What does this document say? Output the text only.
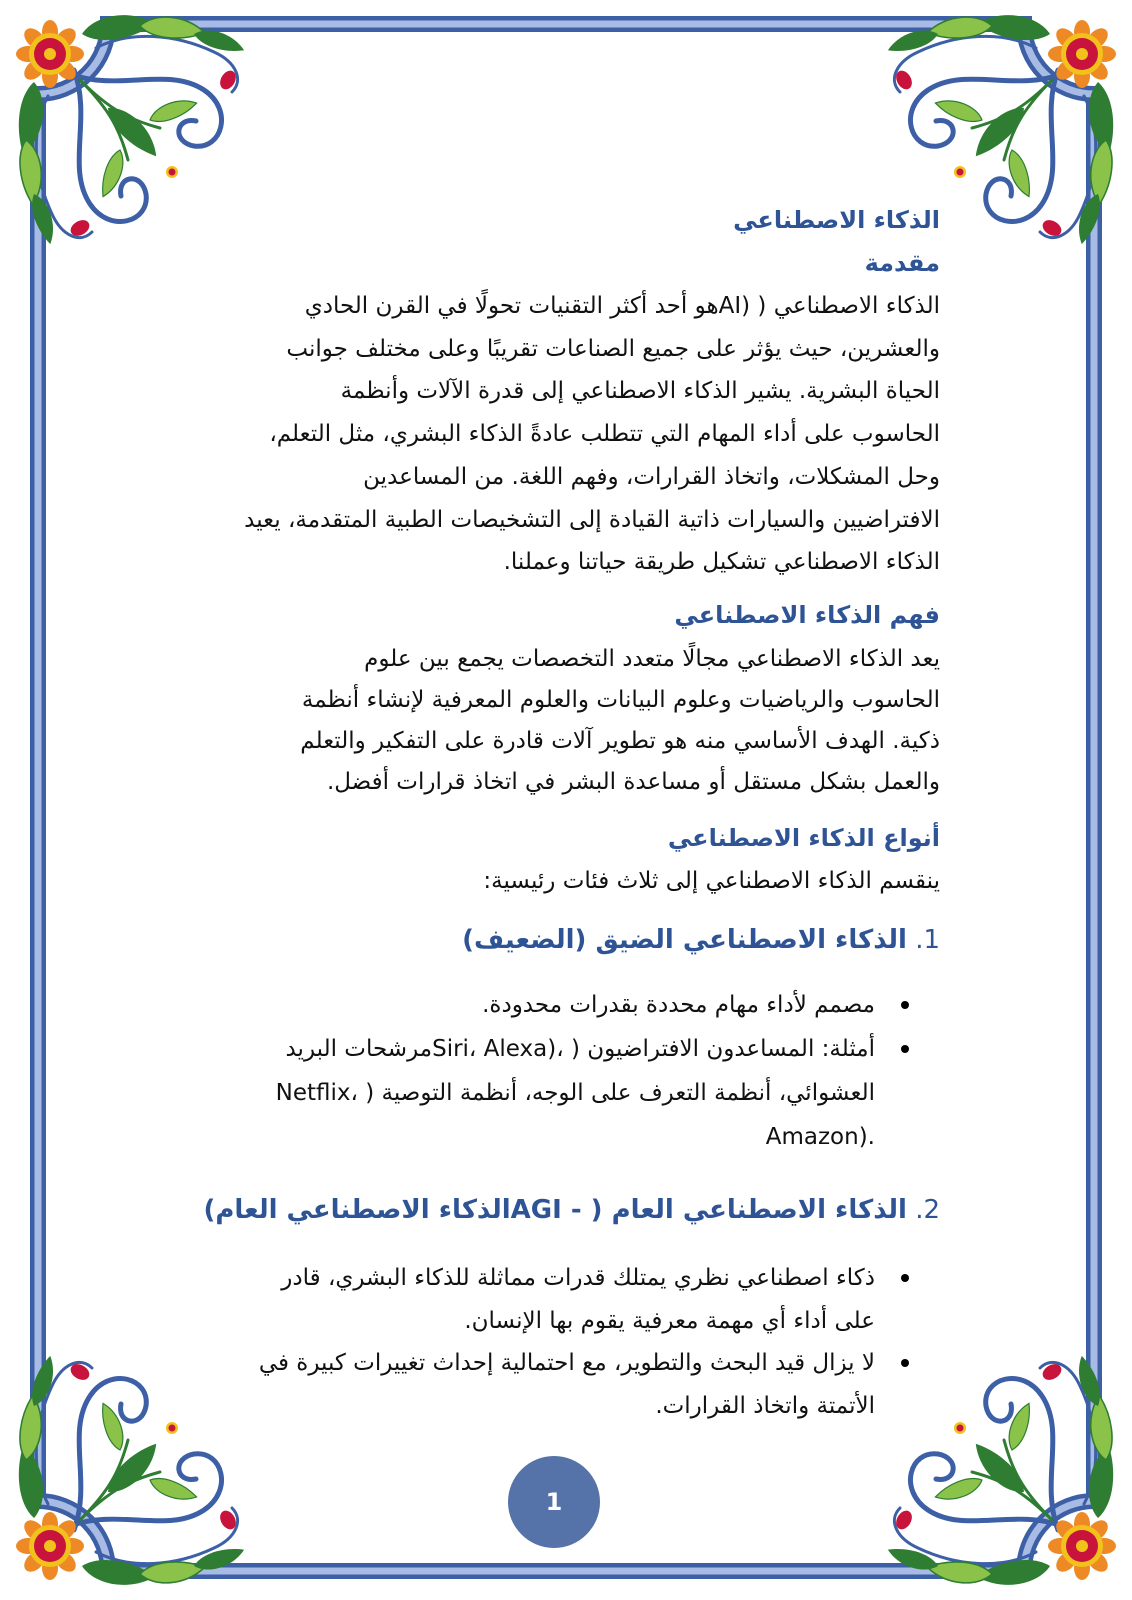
الذكاء الاصطناعي
مقدمة
الذكاء الاصطناعي ( (AIهو أحد أكثر التقنيات تحولًا في القرن الحادي
والعشرين، حيث يؤثر على جميع الصناعات تقريبًا وعلى مختلف جوانب
الحياة البشرية. يشير الذكاء الاصطناعي إلى قدرة الآلات وأنظمة
الحاسوب على أداء المهام التي تتطلب عادةً الذكاء البشري، مثل التعلم،
وحل المشكلات، واتخاذ القرارات، وفهم اللغة. من المساعدين
الافتراضيين والسيارات ذاتية القيادة إلى التشخيصات الطبية المتقدمة، يعيد
الذكاء الاصطناعي تشكيل طريقة حياتنا وعملنا.
فهم الذكاء الاصطناعي
يعد الذكاء الاصطناعي مجالًا متعدد التخصصات يجمع بين علوم
الحاسوب والرياضيات وعلوم البيانات والعلوم المعرفية لإنشاء أنظمة
ذكية. الهدف الأساسي منه هو تطوير آلات قادرة على التفكير والتعلم
والعمل بشكل مستقل أو مساعدة البشر في اتخاذ قرارات أفضل.
أنواع الذكاء الاصطناعي
ينقسم الذكاء الاصطناعي إلى ثلاث فئات رئيسية:
1. الذكاء الاصطناعي الضيق (الضعيف)
مصمم لأداء مهام محددة بقدرات محدودة.
أمثلة: المساعدون الافتراضيون ( ،(Siri، Alexaمرشحات البريد
العشوائي، أنظمة التعرف على الوجه، أنظمة التوصية ( ،Netflix
Amazon).
2. الذكاء الاصطناعي العام ( - AGIالذكاء الاصطناعي العام)
ذكاء اصطناعي نظري يمتلك قدرات مماثلة للذكاء البشري، قادر
على أداء أي مهمة معرفية يقوم بها الإنسان.
لا يزال قيد البحث والتطوير، مع احتمالية إحداث تغييرات كبيرة في
الأتمتة واتخاذ القرارات.
1
